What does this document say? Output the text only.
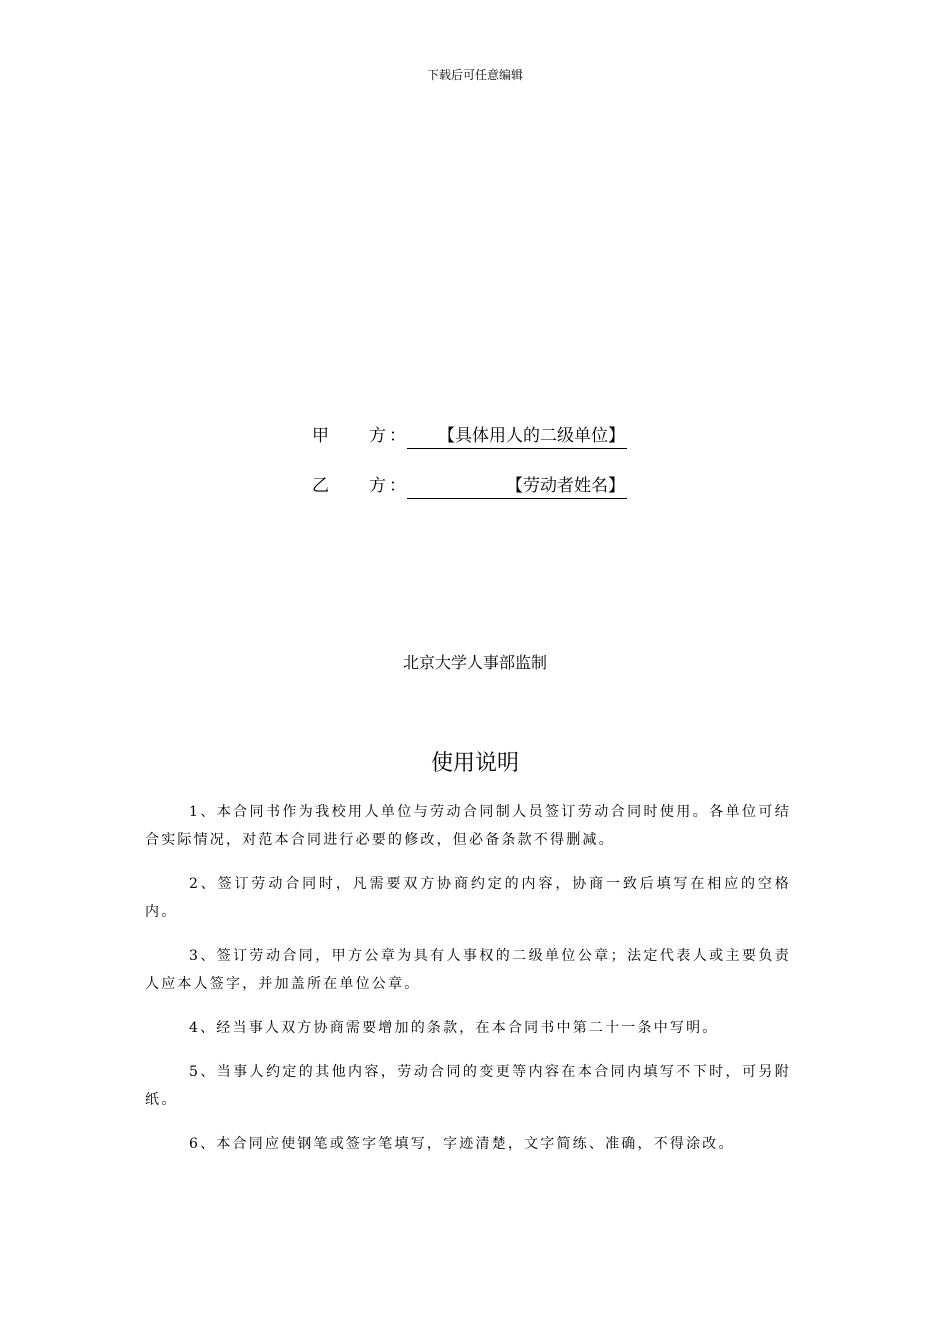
下载后可任意编辑
甲 方 ：	【具体用人的二级单位】
乙 方 ：	【劳动者姓名】
北京大学人事部监制
使用说明

1、本合同书作为我校用人单位与劳动合同制人员签订劳动合同时使用。各单位可结合实际情况，对范本合同进行必要的修改，但必备条款不得删减。

2、签订劳动合同时，凡需要双方协商约定的内容，协商一致后填写在相应的空格内。

3、签订劳动合同，甲方公章为具有人事权的二级单位公章；法定代表人或主要负责人应本人签字，并加盖所在单位公章。

4、经当事人双方协商需要增加的条款，在本合同书中第二十一条中写明。

5、当事人约定的其他内容，劳动合同的变更等内容在本合同内填写不下时，可另附纸。

6、本合同应使钢笔或签字笔填写，字迹清楚，文字简练、准确，不得涂改。
